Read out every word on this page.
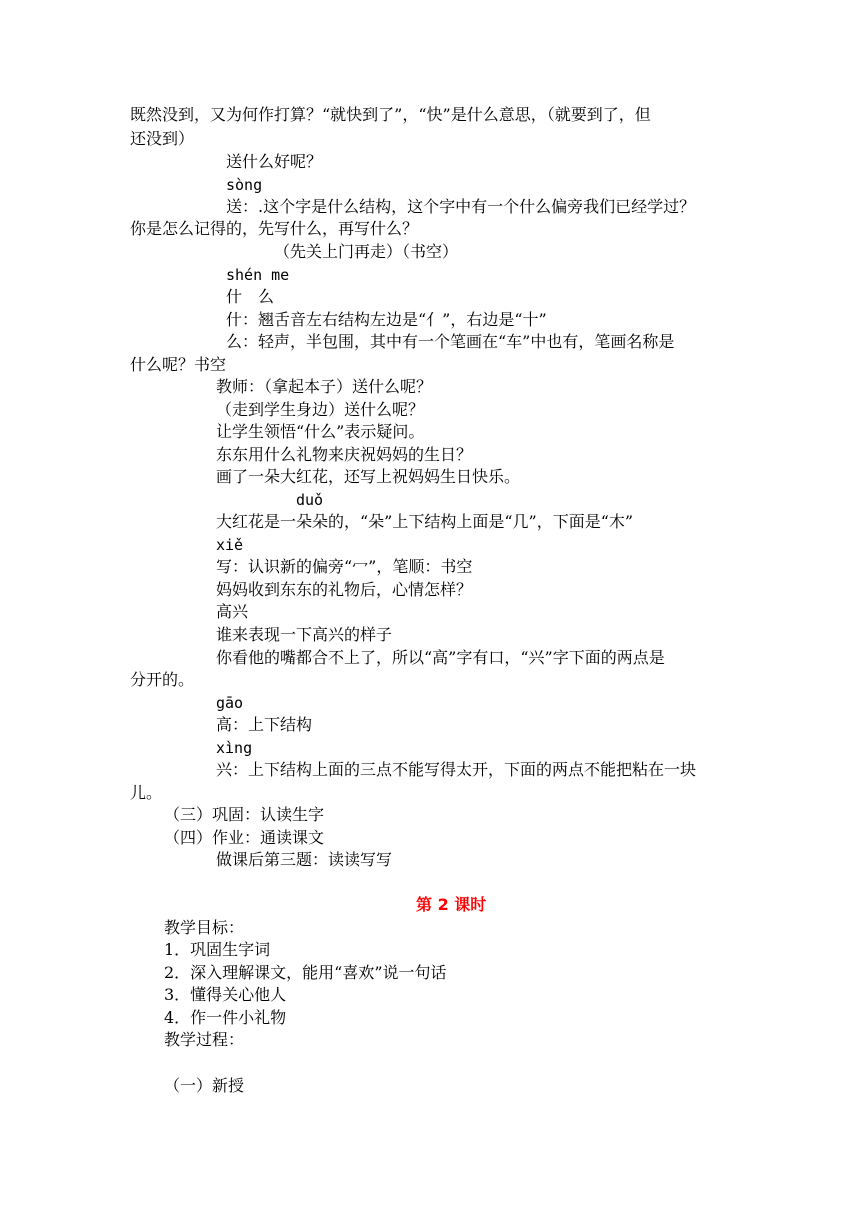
既然没到，又为何作打算？“就快到了”，“快”是什么意思，（就要到了，但

还没到）

送什么好呢？

sòng

送：.这个字是什么结构，这个字中有一个什么偏旁我们已经学过？

你是怎么记得的，先写什么，再写什么？

（先关上门再走）（书空）

shén me

什　么

什：翘舌音左右结构左边是“亻”，右边是“十”

么：轻声，半包围，其中有一个笔画在“车”中也有，笔画名称是

什么呢？书空

教师：（拿起本子）送什么呢？

（走到学生身边）送什么呢？

让学生领悟“什么”表示疑问。

东东用什么礼物来庆祝妈妈的生日？

画了一朵大红花，还写上祝妈妈生日快乐。

duǒ

大红花是一朵朵的，“朵”上下结构上面是“几”，下面是“木”

xiě

写：认识新的偏旁“冖”，笔顺：书空

妈妈收到东东的礼物后，心情怎样？

高兴

谁来表现一下高兴的样子

你看他的嘴都合不上了，所以“高”字有口，“兴”字下面的两点是

分开的。

gāo

高：上下结构

xìng

兴：上下结构上面的三点不能写得太开，下面的两点不能把粘在一块

儿。

（三）巩固：认读生字

（四）作业：通读课文

做课后第三题：读读写写

第 2 课时

教学目标：

1．巩固生字词

2．深入理解课文，能用“喜欢”说一句话

3．懂得关心他人

4．作一件小礼物

教学过程：

（一）新授
